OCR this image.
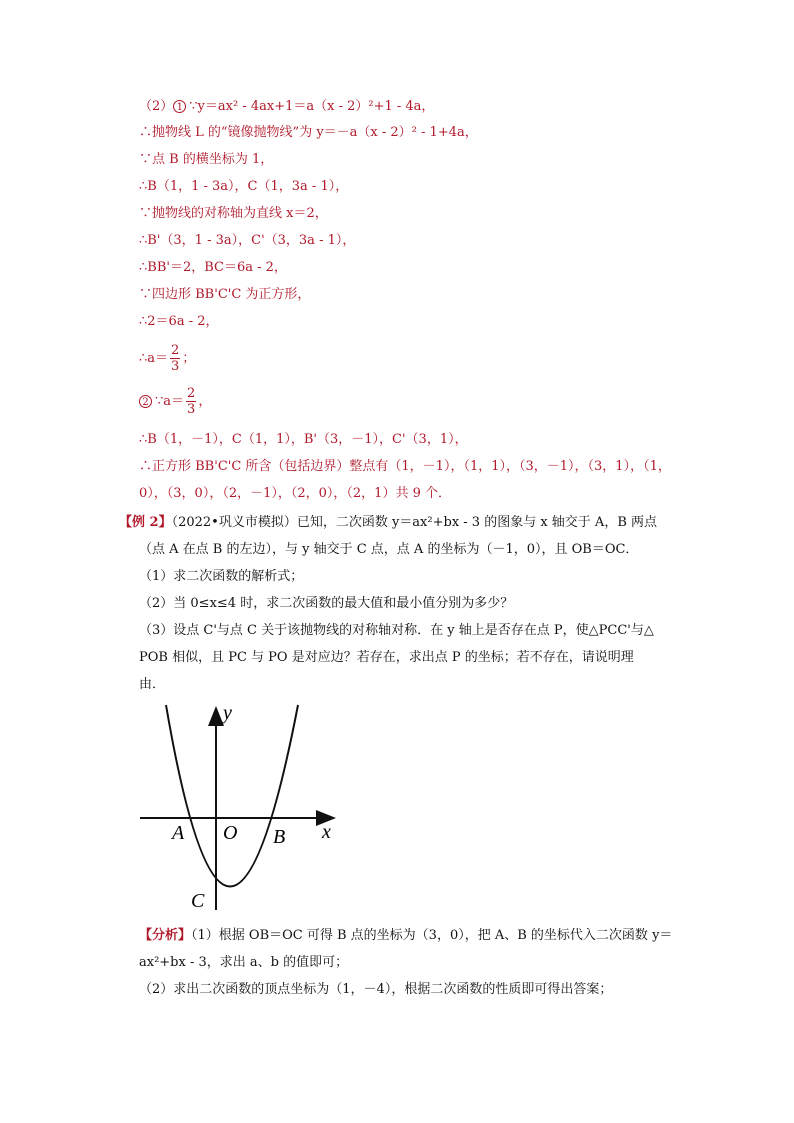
（2） 1 ∵y＝ax² - 4ax+1＝a（x - 2）²+1 - 4a，
∴抛物线 L 的“镜像抛物线”为 y＝－a（x - 2）² - 1+4a，
∵点 B 的横坐标为 1，
∴B（1，1 - 3a），C（1，3a - 1），
∵抛物线的对称轴为直线 x＝2，
∴B'（3，1 - 3a），C'（3，3a - 1），
∴BB'＝2，BC＝6a - 2，
∵四边形 BB'C'C 为正方形，
∴2＝6a - 2，
∴a＝ $\frac{2}{3}$ ；
2 ∵a＝ $\frac{2}{3}$ ，
∴B（1，－1），C（1，1），B'（3，－1），C'（3，1），
∴正方形 BB'C'C 所含（包括边界）整点有（1，－1），（1，1），（3，－1），（3，1），（1，
0），（3，0），（2，－1），（2，0），（2，1）共 9 个．
【例 2】（2022•巩义市模拟）已知，二次函数 y＝ax²+bx - 3 的图象与 x 轴交于 A，B 两点
（点 A 在点 B 的左边），与 y 轴交于 C 点，点 A 的坐标为（－1，0），且 OB＝OC．
（1）求二次函数的解析式；
（2）当 0≤x≤4 时，求二次函数的最大值和最小值分别为多少？
（3）设点 C'与点 C 关于该抛物线的对称轴对称．在 y 轴上是否存在点 P，使△PCC'与△
POB 相似，且 PC 与 PO 是对应边？若存在，求出点 P 的坐标；若不存在，请说明理
由．
y
x
A O B
C
【分析】（1）根据 OB＝OC 可得 B 点的坐标为（3，0），把 A、B 的坐标代入二次函数 y＝
ax²+bx - 3，求出 a、b 的值即可；
（2）求出二次函数的顶点坐标为（1，－4），根据二次函数的性质即可得出答案；
